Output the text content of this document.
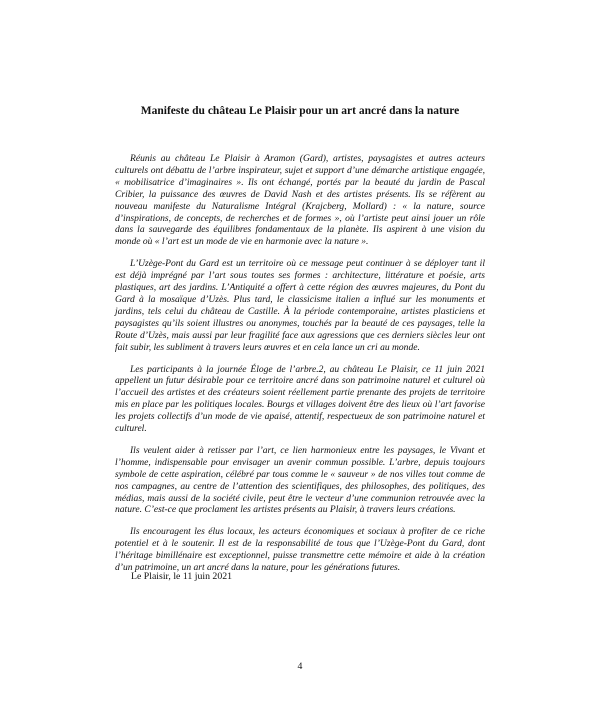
Manifeste du château Le Plaisir pour un art ancré dans la nature

Réunis au château Le Plaisir à Aramon (Gard), artistes, paysagistes et autres acteurs culturels ont débattu de l’arbre inspirateur, sujet et support d’une démarche artistique engagée, « mobilisatrice d’imaginaires ». Ils ont échangé, portés par la beauté du jardin de Pascal Cribier, la puissance des œuvres de David Nash et des artistes présents. Ils se réfèrent au nouveau manifeste du Naturalisme Intégral (Krajcberg, Mollard) : « la nature, source d’inspirations, de concepts, de recherches et de formes », où l’artiste peut ainsi jouer un rôle dans la sauvegarde des équilibres fondamentaux de la planète. Ils aspirent à une vision du monde où « l’art est un mode de vie en harmonie avec la nature ».

L’Uzège-Pont du Gard est un territoire où ce message peut continuer à se déployer tant il est déjà imprégné par l’art sous toutes ses formes : architecture, littérature et poésie, arts plastiques, art des jardins. L’Antiquité a offert à cette région des œuvres majeures, du Pont du Gard à la mosaïque d’Uzès. Plus tard, le classicisme italien a influé sur les monuments et jardins, tels celui du château de Castille. À la période contemporaine, artistes plasticiens et paysagistes qu’ils soient illustres ou anonymes, touchés par la beauté de ces paysages, telle la Route d’Uzès, mais aussi par leur fragilité face aux agressions que ces derniers siècles leur ont fait subir, les subliment à travers leurs œuvres et en cela lance un cri au monde.

Les participants à la journée Éloge de l’arbre.2, au château Le Plaisir, ce 11 juin 2021 appellent un futur désirable pour ce territoire ancré dans son patrimoine naturel et culturel où l’accueil des artistes et des créateurs soient réellement partie prenante des projets de territoire mis en place par les politiques locales. Bourgs et villages doivent être des lieux où l’art favorise les projets collectifs d’un mode de vie apaisé, attentif, respectueux de son patrimoine naturel et culturel.

Ils veulent aider à retisser par l’art, ce lien harmonieux entre les paysages, le Vivant et l’homme, indispensable pour envisager un avenir commun possible. L’arbre, depuis toujours symbole de cette aspiration, célébré par tous comme le « sauveur » de nos villes tout comme de nos campagnes, au centre de l’attention des scientifiques, des philosophes, des politiques, des médias, mais aussi de la société civile, peut être le vecteur d’une communion retrouvée avec la nature. C’est-ce que proclament les artistes présents au Plaisir, à travers leurs créations.

Ils encouragent les élus locaux, les acteurs économiques et sociaux à profiter de ce riche potentiel et à le soutenir. Il est de la responsabilité de tous que l’Uzège-Pont du Gard, dont l’héritage bimillénaire est exceptionnel, puisse transmettre cette mémoire et aide à la création d’un patrimoine, un art ancré dans la nature, pour les générations futures.

Le Plaisir, le 11 juin 2021

4
